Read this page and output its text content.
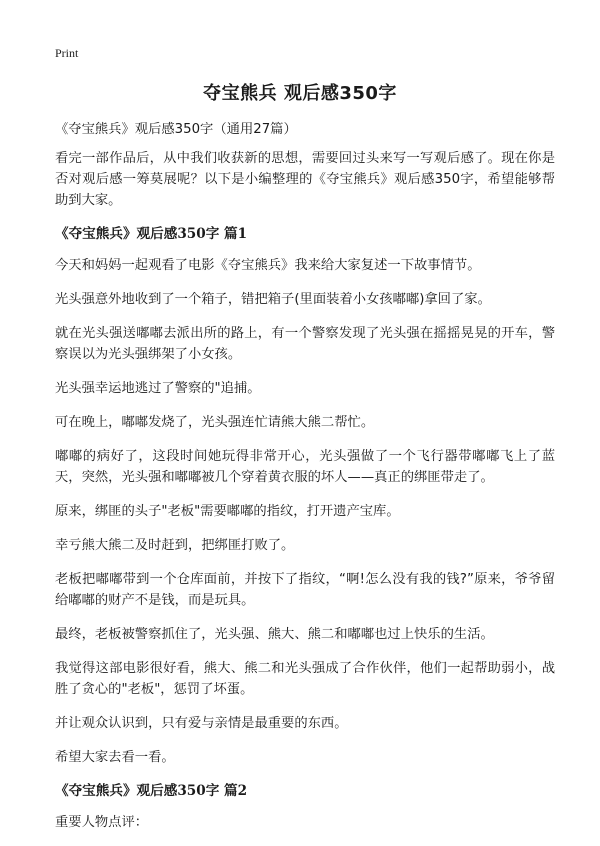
Print
夺宝熊兵 观后感350字

《夺宝熊兵》观后感350字（通用27篇）

看完一部作品后，从中我们收获新的思想，需要回过头来写一写观后感了。现在你是否对观后感一筹莫展呢？以下是小编整理的《夺宝熊兵》观后感350字，希望能够帮助到大家。

《夺宝熊兵》观后感350字 篇1

今天和妈妈一起观看了电影《夺宝熊兵》我来给大家复述一下故事情节。

光头强意外地收到了一个箱子，错把箱子(里面装着小女孩嘟嘟)拿回了家。

就在光头强送嘟嘟去派出所的路上，有一个警察发现了光头强在摇摇晃晃的开车，警察误以为光头强绑架了小女孩。

光头强幸运地逃过了警察的"追捕。

可在晚上，嘟嘟发烧了，光头强连忙请熊大熊二帮忙。

嘟嘟的病好了，这段时间她玩得非常开心，光头强做了一个飞行器带嘟嘟飞上了蓝天，突然，光头强和嘟嘟被几个穿着黄衣服的坏人——真正的绑匪带走了。

原来，绑匪的头子"老板"需要嘟嘟的指纹，打开遗产宝库。

幸亏熊大熊二及时赶到，把绑匪打败了。

老板把嘟嘟带到一个仓库面前，并按下了指纹，“啊!怎么没有我的钱?”原来，爷爷留给嘟嘟的财产不是钱，而是玩具。

最终，老板被警察抓住了，光头强、熊大、熊二和嘟嘟也过上快乐的生活。

我觉得这部电影很好看，熊大、熊二和光头强成了合作伙伴，他们一起帮助弱小，战胜了贪心的"老板"，惩罚了坏蛋。

并让观众认识到，只有爱与亲情是最重要的东西。

希望大家去看一看。

《夺宝熊兵》观后感350字 篇2

重要人物点评：
